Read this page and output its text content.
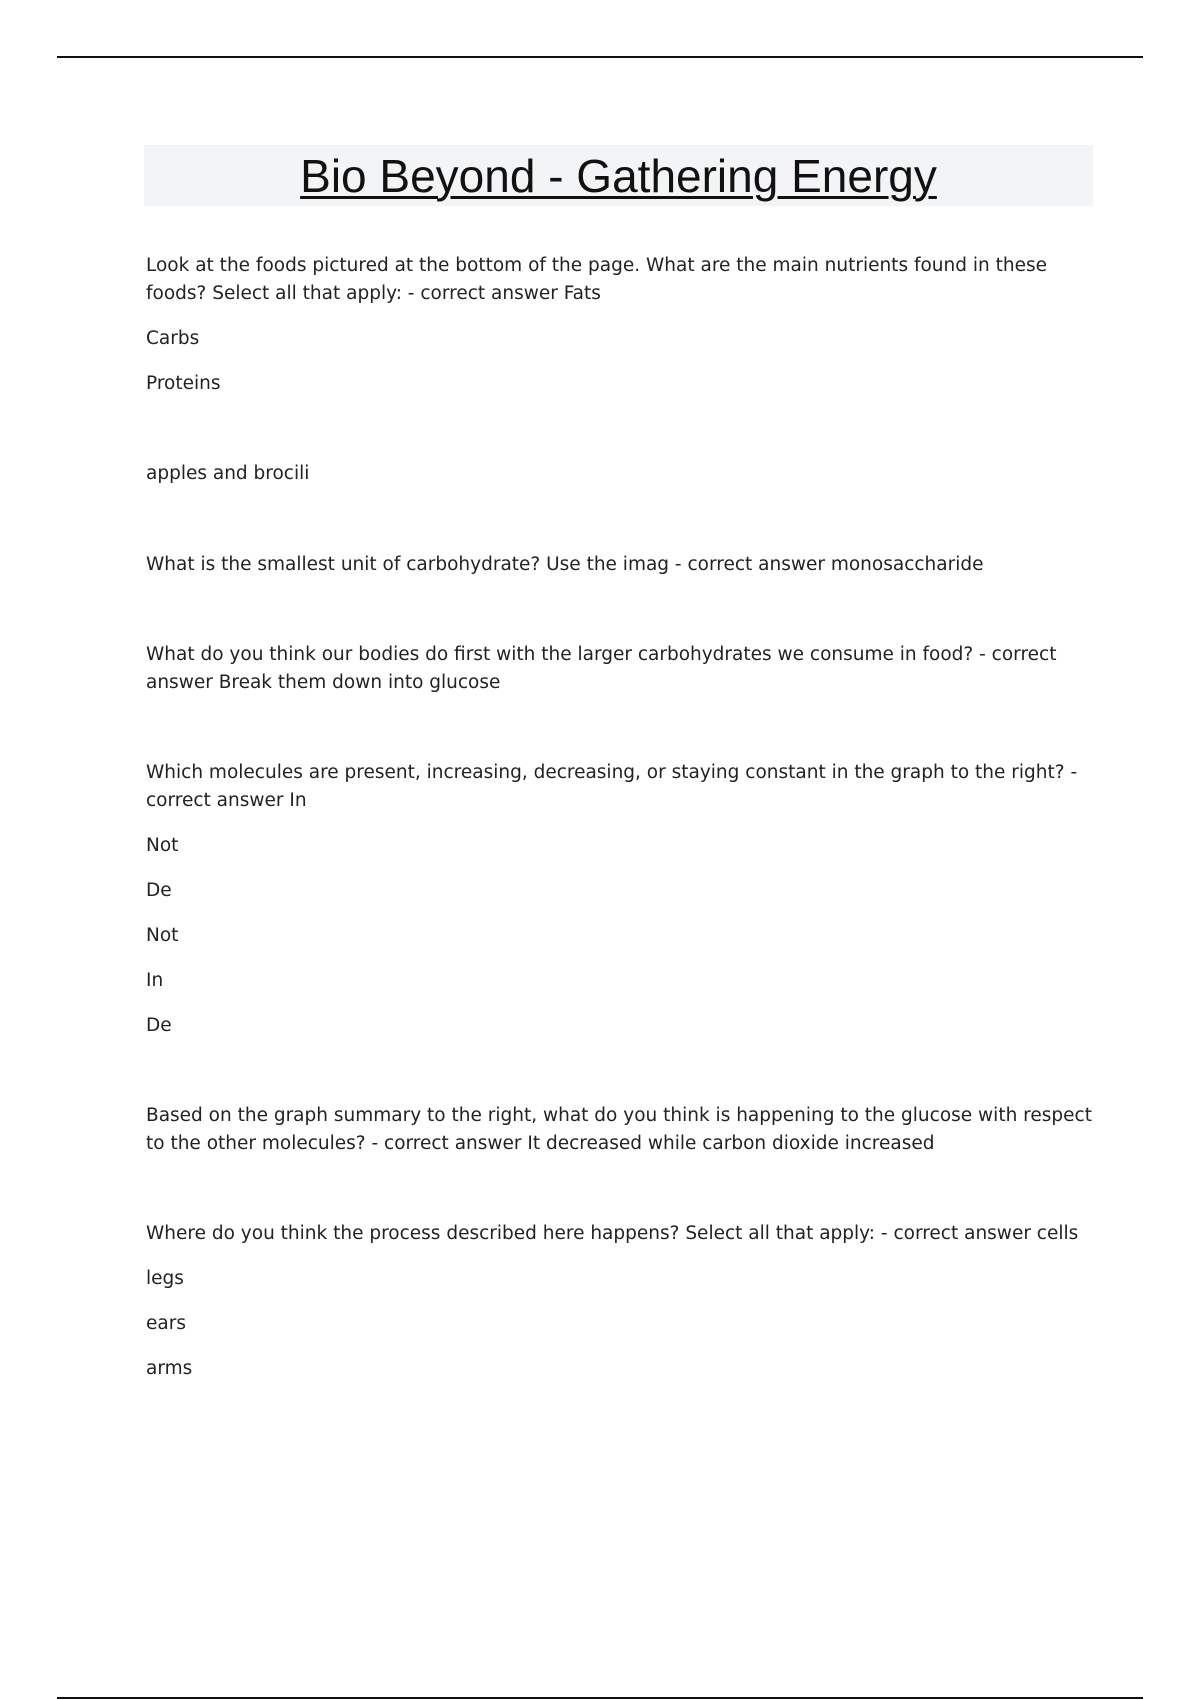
Bio Beyond - Gathering Energy

Look at the foods pictured at the bottom of the page. What are the main nutrients found in these foods? Select all that apply: - correct answer Fats

Carbs

Proteins

apples and brocili

What is the smallest unit of carbohydrate? Use the imag - correct answer monosaccharide

What do you think our bodies do first with the larger carbohydrates we consume in food? - correct answer Break them down into glucose

Which molecules are present, increasing, decreasing, or staying constant in the graph to the right? - correct answer In

Not

De

Not

In

De

Based on the graph summary to the right, what do you think is happening to the glucose with respect to the other molecules? - correct answer It decreased while carbon dioxide increased

Where do you think the process described here happens? Select all that apply: - correct answer cells

legs

ears

arms
